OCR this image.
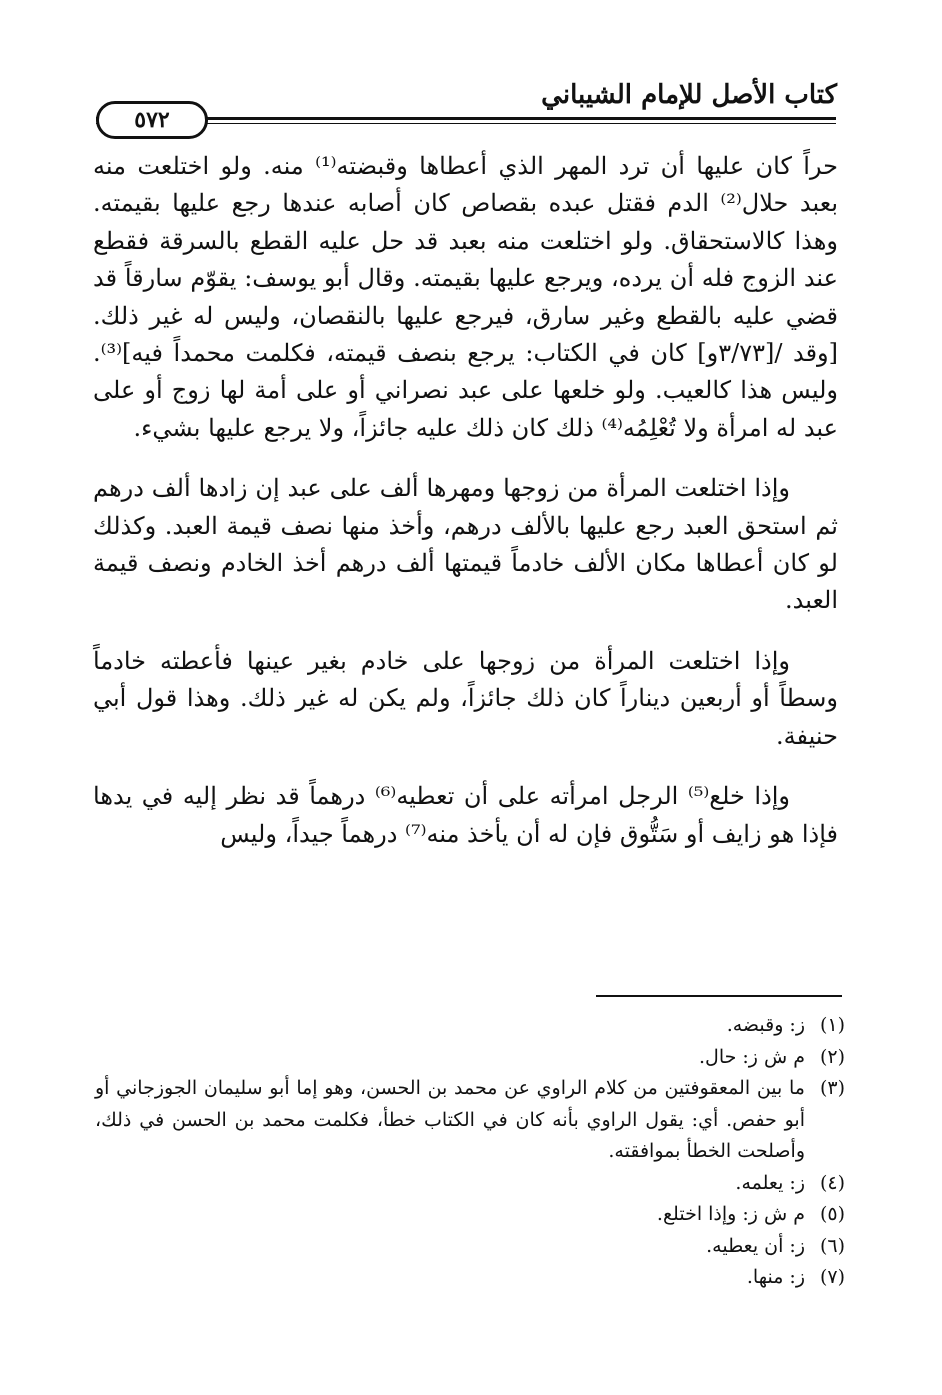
كتاب الأصل للإمام الشيباني
٥٧٢

حراً كان عليها أن ترد المهر الذي أعطاها وقبضته⁽¹⁾ منه. ولو اختلعت منه بعبد حلال⁽²⁾ الدم فقتل عبده بقصاص كان أصابه عندها رجع عليها بقيمته. وهذا كالاستحقاق. ولو اختلعت منه بعبد قد حل عليه القطع بالسرقة فقطع عند الزوج فله أن يرده، ويرجع عليها بقيمته. وقال أبو يوسف: يقوّم سارقاً قد قضي عليه بالقطع وغير سارق، فيرجع عليها بالنقصان، وليس له غير ذلك. [وقد /[٣/٧٣و] كان في الكتاب: يرجع بنصف قيمته، فكلمت محمداً فيه]⁽³⁾. وليس هذا كالعيب. ولو خلعها على عبد نصراني أو على أمة لها زوج أو على عبد له امرأة ولا تُعْلِمُه⁽⁴⁾ ذلك كان ذلك عليه جائزاً، ولا يرجع عليها بشيء.

وإذا اختلعت المرأة من زوجها ومهرها ألف على عبد إن زادها ألف درهم ثم استحق العبد رجع عليها بالألف درهم، وأخذ منها نصف قيمة العبد. وكذلك لو كان أعطاها مكان الألف خادماً قيمتها ألف درهم أخذ الخادم ونصف قيمة العبد.

وإذا اختلعت المرأة من زوجها على خادم بغير عينها فأعطته خادماً وسطاً أو أربعين ديناراً كان ذلك جائزاً، ولم يكن له غير ذلك. وهذا قول أبي حنيفة.

وإذا خلع⁽⁵⁾ الرجل امرأته على أن تعطيه⁽⁶⁾ درهماً قد نظر إليه في يدها فإذا هو زايف أو سَتُّوق فإن له أن يأخذ منه⁽⁷⁾ درهماً جيداً، وليس

(١)
ز: وقبضه.
(٢)
م ش ز: حال.
(٣)
ما بين المعقوفتين من كلام الراوي عن محمد بن الحسن، وهو إما أبو سليمان الجوزجاني أو أبو حفص. أي: يقول الراوي بأنه كان في الكتاب خطأ، فكلمت محمد بن الحسن في ذلك، وأصلحت الخطأ بموافقته.
(٤)
ز: يعلمه.
(٥)
م ش ز: وإذا اختلع.
(٦)
ز: أن يعطيه.
(٧)
ز: منها.
